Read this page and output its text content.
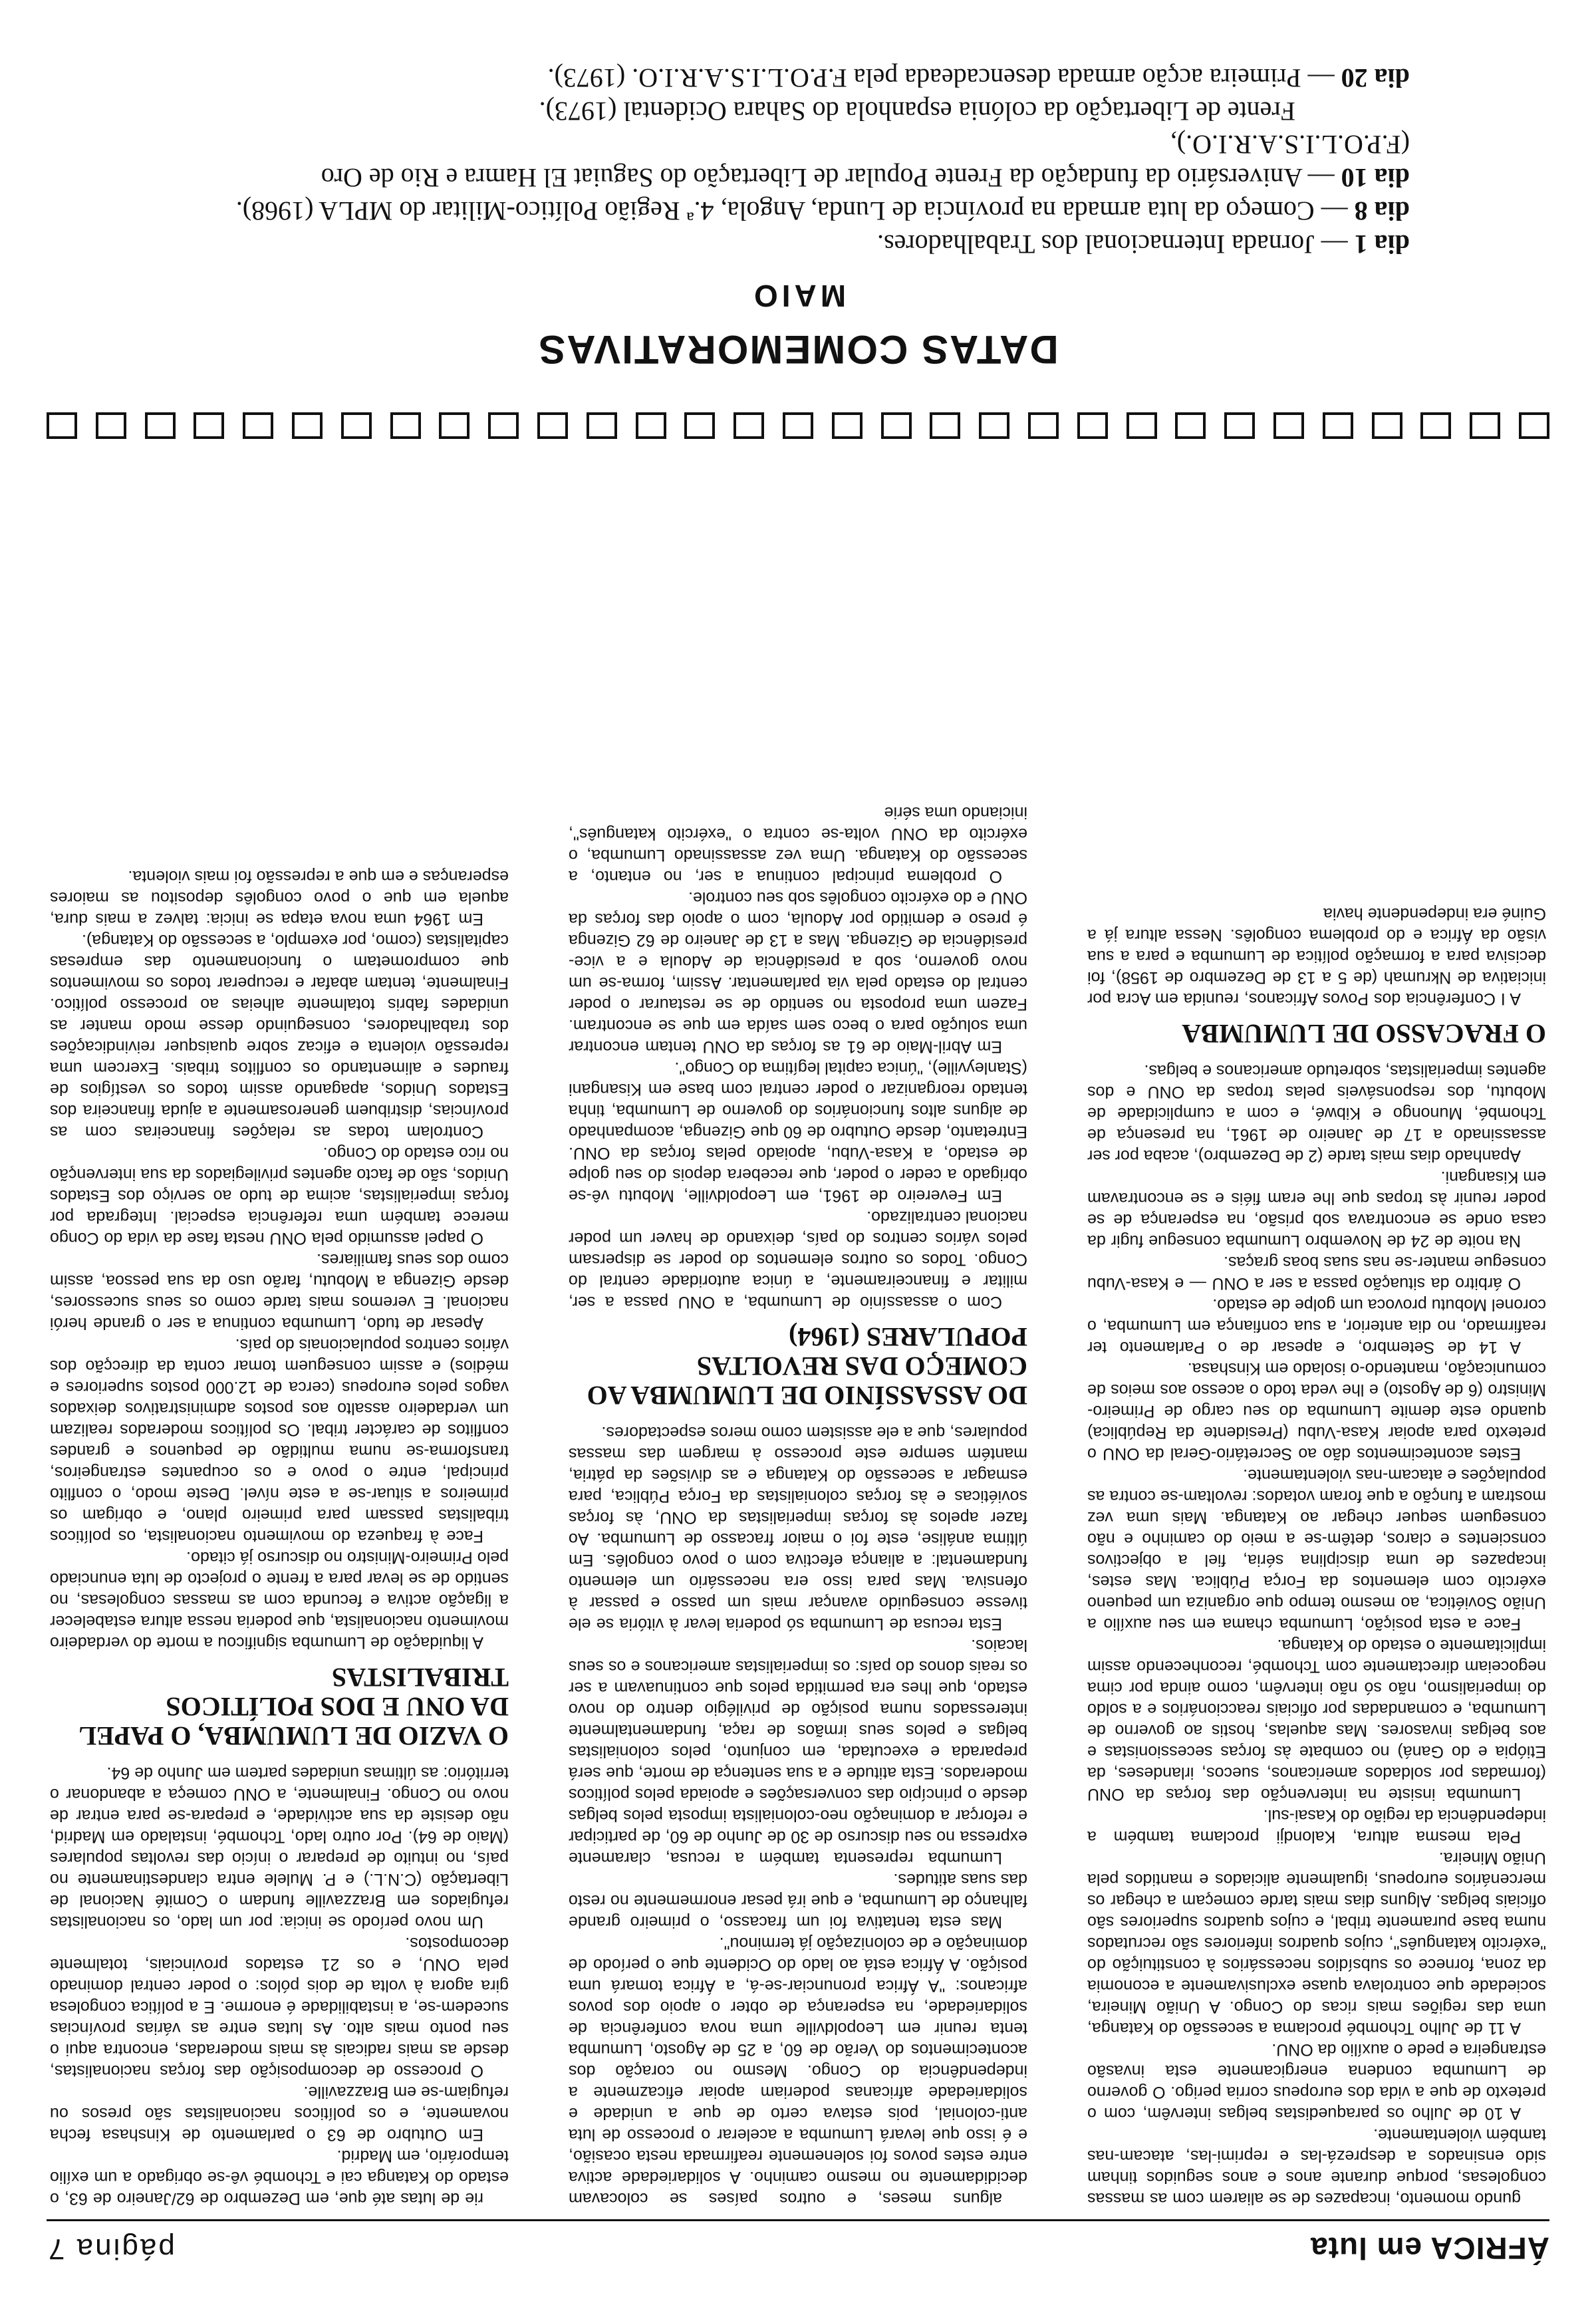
ÁFRICA em luta
página 7

gundo momento, incapazes de se aliarem com as massas congolesas, porque durante anos e anos seguidos tinham sido ensinados a desprezá-las e reprimi-las, atacam-nas também violentamente.

A 10 de Julho os paraquedistas belgas intervêm, com o pretexto de que a vida dos europeus corria perigo. O governo de Lumumba condena energicamente esta invasão estrangeira e pede o auxílio da ONU.

A 11 de Julho Tchombé proclama a secessão do Katanga, uma das regiões mais ricas do Congo. A União Mineira, sociedade que controlava quase exclusivamente a economia da zona, fornece os subsídios necessários à constituição do "exército katanguês", cujos quadros inferiores são recrutados numa base puramente tribal, e cujos quadros superiores são oficiais belgas. Alguns dias mais tarde começam a chegar os mercenários europeus, igualmente aliciados e mantidos pela União Mineira.

Pela mesma altura, Kalondji proclama também a independência da região do Kasai-sul.

Lumumba insiste na intervenção das forças da ONU (formadas por soldados americanos, suecos, irlandeses, da Etiópia e do Ganá) no combate às forças secessionistas e aos belgas invasores. Mas aquelas, hostis ao governo de Lumumba, e comandadas por oficiais reaccionários e a soldo do imperialismo, não só não intervêm, como ainda por cima negoceiam directamente com Tchombé, reconhecendo assim implicitamente o estado do Katanga.

Face a esta posição, Lumumba chama em seu auxílio a União Soviética, ao mesmo tempo que organiza um pequeno exército com elementos da Força Pública. Mas estes, incapazes de uma disciplina séria, fiel a objectivos conscientes e claros, detêm-se a meio do caminho e não conseguem sequer chegar ao Katanga. Mais uma vez mostram a função a que foram votados: revoltam-se contra as populações e atacam-nas violentamente.

Estes acontecimentos dão ao Secretário-Geral da ONU o pretexto para apoiar Kasa-Vubu (Presidente da República) quando este demite Lumumba do seu cargo de Primeiro-Ministro (6 de Agosto) e lhe veda todo o acesso aos meios de comunicação, mantendo-o isolado em Kinshasa.

A 14 de Setembro, e apesar de o Parlamento ter reafirmado, no dia anterior, a sua confiança em Lumumba, o coronel Mobutu provoca um golpe de estado.

O árbitro da situação passa a ser a ONU — e Kasa-Vubu consegue manter-se nas suas boas graças.

Na noite de 24 de Novembro Lumumba consegue fugir da casa onde se encontrava sob prisão, na esperança de se poder reunir às tropas que lhe eram fiéis e se encontravam em Kisangani.

Apanhado dias mais tarde (2 de Dezembro), acaba por ser assassinado a 17 de Janeiro de 1961, na presença de Tchombé, Munongo e Kibwé, e com a cumplicidade de Mobutu, dos responsáveis pelas tropas da ONU e dos agentes imperialistas, sobretudo americanos e belgas.

O FRACASSO DE LUMUMBA

A I Conferência dos Povos Africanos, reunida em Acra por iniciativa de Nkrumah (de 5 a 13 de Dezembro de 1958), foi decisiva para a formação política de Lumumba e para a sua visão da África e do problema congolês. Nessa altura já a Guiné era independente havia

alguns meses, e outros países se colocavam decididamente no mesmo caminho. A solidariedade activa entre estes povos foi solenemente reafirmada nesta ocasião, e é isso que levará Lumumba a acelerar o processo de luta anti-colonial, pois estava certo de que a unidade e solidariedade africanas poderiam apoiar eficazmente a independência do Congo. Mesmo no coração dos acontecimentos do Verão de 60, a 25 de Agosto, Lumumba tenta reunir em Leopoldville uma nova conferência de solidariedade, na esperança de obter o apoio dos povos africanos: "A África pronunciar-se-á, a África tomará uma posição. A África está ao lado do Ocidente que o período de dominação e de colonização já terminou".

Mas esta tentativa foi um fracasso, o primeiro grande falhanço de Lumumba, e que irá pesar enormemente no resto das suas atitudes.

Lumumba representa também a recusa, claramente expressa no seu discurso de 30 de Junho de 60, de participar e reforçar a dominação neo-colonialista imposta pelos belgas desde o princípio das conversações e apoiada pelos políticos moderados. Esta atitude e a sua sentença de morte, que será preparada e executada, em conjunto, pelos colonialistas belgas e pelos seus irmãos de raça, fundamentalmente interessados numa posição de privilégio dentro do novo estado, que lhes era permitida pelos que continuavam a ser os reais donos do país: os imperialistas americanos e os seus lacaios.

Esta recusa de Lumumba só poderia levar à vitória se ele tivesse conseguido avançar mais um passo e passar à ofensiva. Mas para isso era necessário um elemento fundamental: a aliança efectiva com o povo congolês. Em última análise, este foi o maior fracasso de Lumumba. Ao fazer apelos às forças imperialistas da ONU, às forças soviéticas e às forças colonialistas da Força Pública, para esmagar a secessão do Katanga e as divisões da pátria, mantém sempre este processo à margem das massas populares, que a ele assistem como meros espectadores.

DO ASSASSÍNIO DE LUMUMBA AO COMEÇO DAS REVOLTAS POPULARES (1964)

Com o assassínio de Lumumba, a ONU passa a ser, militar e financeiramente, a única autoridade central do Congo. Todos os outros elementos do poder se dispersam pelos vários centros do país, deixando de haver um poder nacional centralizado.

Em Fevereiro de 1961, em Leopoldville, Mobutu vê-se obrigado a ceder o poder, que recebera depois do seu golpe de estado, a Kasa-Vubu, apoiado pelas forças da ONU. Entretanto, desde Outubro de 60 que Gizenga, acompanhado de alguns altos funcionários do governo de Lumumba, tinha tentado reorganizar o poder central com base em Kisangani (Stanleyville), "única capital legítima do Congo".

Em Abril-Maio de 61 as forças da ONU tentam encontrar uma solução para o beco sem saída em que se encontram. Fazem uma proposta no sentido de se restaurar o poder central do estado pela via parlamentar. Assim, forma-se um novo governo, sob a presidência de Adoula e a vice-presidência de Gizenga. Mas a 13 de Janeiro de 62 Gizenga é preso e demitido por Adoula, com o apoio das forças da ONU e do exército congolês sob seu controle.

O problema principal continua a ser, no entanto, a secessão do Katanga. Uma vez assassinado Lumumba, o exército da ONU volta-se contra o "exército katanguês", iniciando uma série

rie de lutas até que, em Dezembro de 62/Janeiro de 63, o estado do Katanga cai e Tchombé vê-se obrigado a um exílio temporário, em Madrid.

Em Outubro de 63 o parlamento de Kinshasa fecha novamente, e os políticos nacionalistas são presos ou refugiam-se em Brazzaville.

O processo de decomposição das forças nacionalistas, desde as mais radicais às mais moderadas, encontra aqui o seu ponto mais alto. As lutas entre as várias províncias sucedem-se, a instabilidade é enorme. E a política congolesa gira agora à volta de dois pólos: o poder central dominado pela ONU, e os 21 estados provinciais, totalmente decompostos.

Um novo período se inicia: por um lado, os nacionalistas refugiados em Brazzaville fundam o Comité Nacional de Libertação (C.N.L.) e P. Mulele entra clandestinamente no país, no intuito de preparar o início das revoltas populares (Maio de 64). Por outro lado, Tchombé, instalado em Madrid, não desiste da sua actividade, e prepara-se para entrar de novo no Congo. Finalmente, a ONU começa a abandonar o território: as últimas unidades partem em Junho de 64.

O VAZIO DE LUMUMBA, O PAPEL DA ONU E DOS POLÍTICOS TRIBALISTAS

A liquidação de Lumumba significou a morte do verdadeiro movimento nacionalista, que poderia nessa altura estabelecer a ligação activa e fecunda com as massas congolesas, no sentido de se levar para a frente o projecto de luta enunciado pelo Primeiro-Ministro no discurso já citado.

Face à fraqueza do movimento nacionalista, os políticos tribalistas passam para primeiro plano, e obrigam os primeiros a situar-se a este nível. Deste modo, o conflito principal, entre o povo e os ocupantes estrangeiros, transforma-se numa multidão de pequenos e grandes conflitos de carácter tribal. Os políticos moderados realizam um verdadeiro assalto aos postos administrativos deixados vagos pelos europeus (cerca de 12.000 postos superiores e médios) e assim conseguem tomar conta da direcção dos vários centros populacionais do país.

Apesar de tudo, Lumumba continua a ser o grande herói nacional. E veremos mais tarde como os seus sucessores, desde Gizenga a Mobutu, farão uso da sua pessoa, assim como dos seus familiares.

O papel assumido pela ONU nesta fase da vida do Congo merece também uma referência especial. Integrada por forças imperialistas, acima de tudo ao serviço dos Estados Unidos, são de facto agentes privilegiados da sua intervenção no rico estado do Congo.

Controlam todas as relações financeiras com as províncias, distribuem generosamente a ajuda financeira dos Estados Unidos, apagando assim todos os vestígios de fraudes e alimentando os conflitos tribais. Exercem uma repressão violenta e eficaz sobre quaisquer reivindicações dos trabalhadores, conseguindo desse modo manter as unidades fabris totalmente alheias ao processo político. Finalmente, tentam abafar e recuperar todos os movimentos que comprometam o funcionamento das empresas capitalistas (como, por exemplo, a secessão do Katanga).

Em 1964 uma nova etapa se inicia: talvez a mais dura, aquela em que o povo congolês depositou as maiores esperanças e em que a repressão foi mais violenta.

DATAS COMEMORATIVAS
MAIO
dia 1 — Jornada Internacional dos Trabalhadores.
dia 8 — Começo da luta armada na província de Lunda, Angola, 4.ª Região Político-Militar do MPLA (1968).
dia 10 — Aniversário da fundação da Frente Popular de Libertação do Saguiat El Hamra e Rio de Oro (F.P.O.L.I.S.A.R.I.O.),
Frente de Libertação da colónia espanhola do Sahara Ocidental (1973).
dia 20 — Primeira acção armada desencadeada pela F.P.O.L.I.S.A.R.I.O. (1973).
